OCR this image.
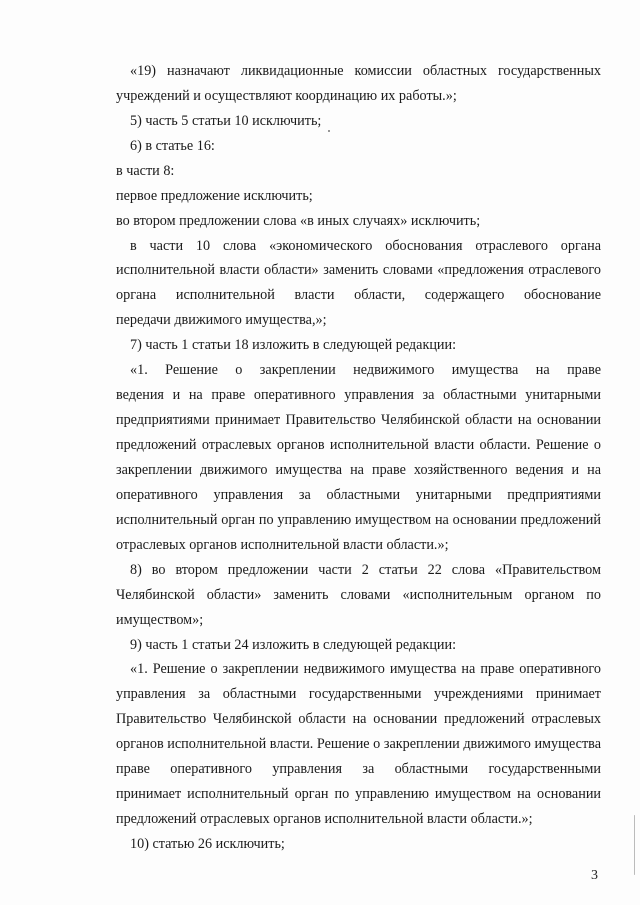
«19) назначают ликвидационные комиссии областных государственных
учреждений и осуществляют координацию их работы.»;
5) часть 5 статьи 10 исключить;
6) в статье 16:
в части 8:
первое предложение исключить;
во втором предложении слова «в иных случаях» исключить;
в части 10 слова «экономического обоснования отраслевого органа
исполнительной власти области» заменить словами «предложения отраслевого
органа исполнительной власти области, содержащего обоснование
передачи движимого имущества,»;
7) часть 1 статьи 18 изложить в следующей редакции:
«1. Решение о закреплении недвижимого имущества на праве
ведения и на праве оперативного управления за областными унитарными
предприятиями принимает Правительство Челябинской области на основании
предложений отраслевых органов исполнительной власти области. Решение о
закреплении движимого имущества на праве хозяйственного ведения и на
оперативного управления за областными унитарными предприятиями
исполнительный орган по управлению имуществом на основании предложений
отраслевых органов исполнительной власти области.»;
8) во втором предложении части 2 статьи 22 слова «Правительством
Челябинской области» заменить словами «исполнительным органом по
имуществом»;
9) часть 1 статьи 24 изложить в следующей редакции:
«1. Решение о закреплении недвижимого имущества на праве оперативного
управления за областными государственными учреждениями принимает
Правительство Челябинской области на основании предложений отраслевых
органов исполнительной власти. Решение о закреплении движимого имущества
праве оперативного управления за областными государственными
принимает исполнительный орган по управлению имуществом на основании
предложений отраслевых органов исполнительной власти области.»;
10) статью 26 исключить;
3
